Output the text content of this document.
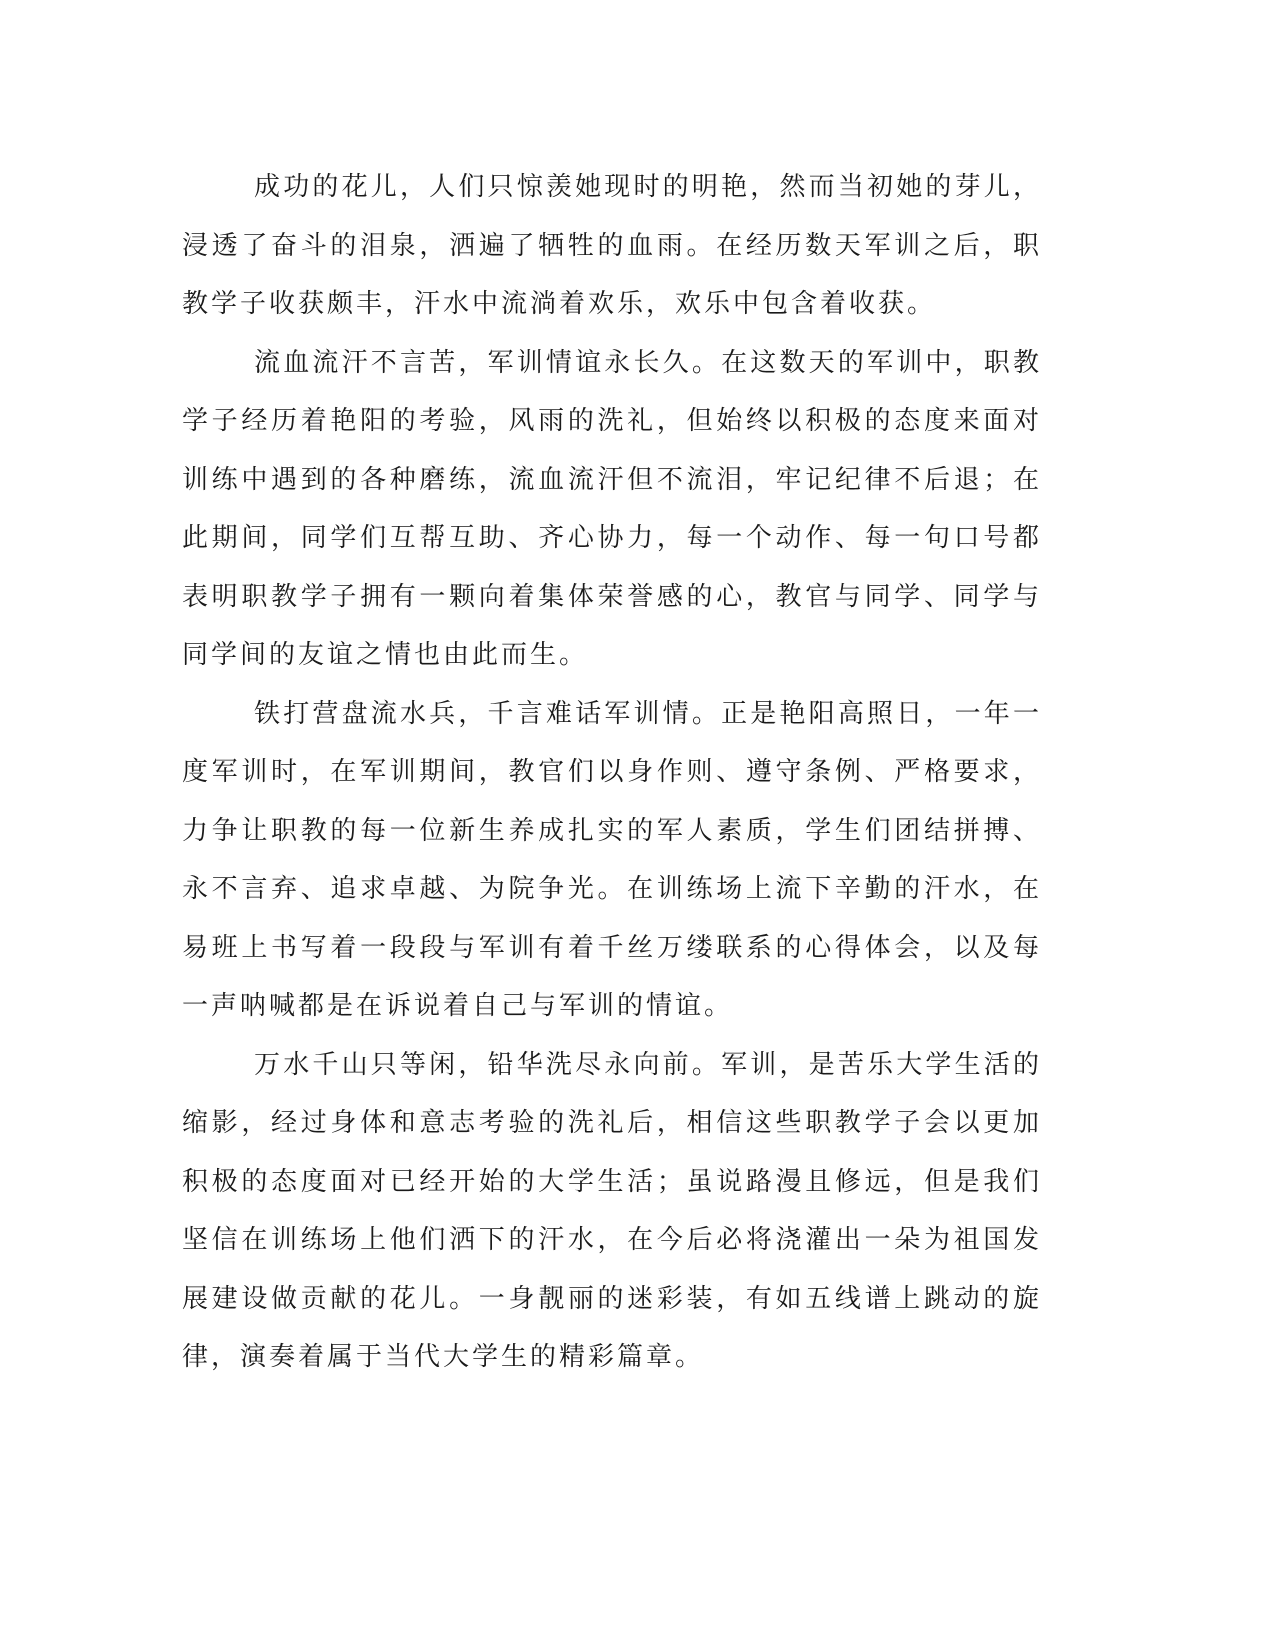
成功的花儿，人们只惊羡她现时的明艳，然而当初她的芽儿，浸透了奋斗的泪泉，洒遍了牺牲的血雨。在经历数天军训之后，职教学子收获颇丰，汗水中流淌着欢乐，欢乐中包含着收获。

流血流汗不言苦，军训情谊永长久。在这数天的军训中，职教学子经历着艳阳的考验，风雨的洗礼，但始终以积极的态度来面对训练中遇到的各种磨练，流血流汗但不流泪，牢记纪律不后退；在此期间，同学们互帮互助、齐心协力，每一个动作、每一句口号都表明职教学子拥有一颗向着集体荣誉感的心，教官与同学、同学与同学间的友谊之情也由此而生。

铁打营盘流水兵，千言难话军训情。正是艳阳高照日，一年一度军训时，在军训期间，教官们以身作则、遵守条例、严格要求，力争让职教的每一位新生养成扎实的军人素质，学生们团结拼搏、永不言弃、追求卓越、为院争光。在训练场上流下辛勤的汗水，在易班上书写着一段段与军训有着千丝万缕联系的心得体会，以及每一声呐喊都是在诉说着自己与军训的情谊。

万水千山只等闲，铅华洗尽永向前。军训，是苦乐大学生活的缩影，经过身体和意志考验的洗礼后，相信这些职教学子会以更加积极的态度面对已经开始的大学生活；虽说路漫且修远，但是我们坚信在训练场上他们洒下的汗水，在今后必将浇灌出一朵为祖国发展建设做贡献的花儿。一身靓丽的迷彩装，有如五线谱上跳动的旋律，演奏着属于当代大学生的精彩篇章。
